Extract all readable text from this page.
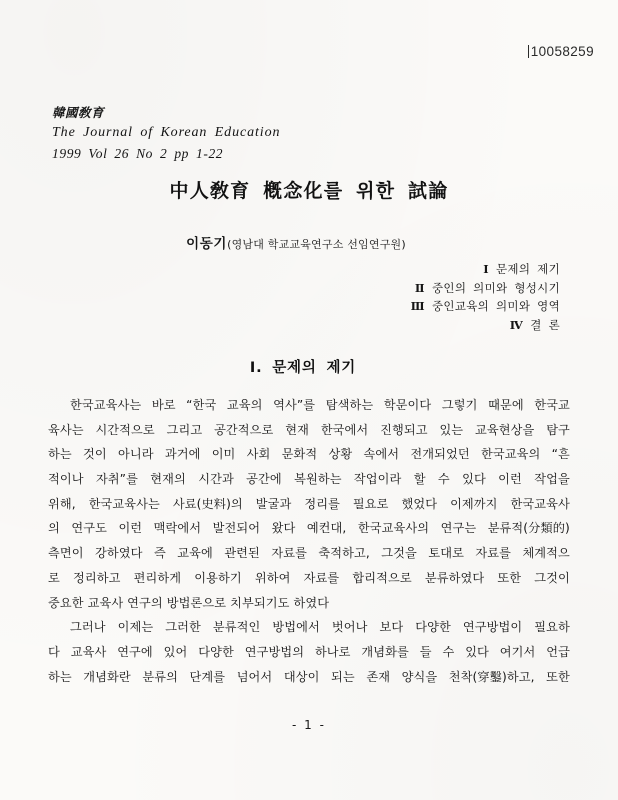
10058259
韓國敎育
The Journal of Korean Education
1999 Vol 26 No 2 pp 1-22
中人敎育 槪念化를 위한 試論
이동기(영남대 학교교육연구소 선임연구원)
Ⅰ 문제의 제기
Ⅱ 중인의 의미와 형성시기
Ⅲ 중인교육의 의미와 영역
Ⅳ 결 론
Ⅰ. 문제의 제기
한국교육사는 바로 “한국 교육의 역사”를 탐색하는 학문이다 그렇기 때문에 한국교
육사는 시간적으로 그리고 공간적으로 현재 한국에서 진행되고 있는 교육현상을 탐구
하는 것이 아니라 과거에 이미 사회 문화적 상황 속에서 전개되었던 한국교육의 “흔
적이나 자취”를 현재의 시간과 공간에 복원하는 작업이라 할 수 있다 이런 작업을
위해, 한국교육사는 사료(史料)의 발굴과 정리를 필요로 했었다 이제까지 한국교육사
의 연구도 이런 맥락에서 발전되어 왔다 예컨대, 한국교육사의 연구는 분류적(分類的)
측면이 강하였다 즉 교육에 관련된 자료를 축적하고, 그것을 토대로 자료를 체계적으
로 정리하고 편리하게 이용하기 위하여 자료를 합리적으로 분류하였다 또한 그것이
중요한 교육사 연구의 방법론으로 치부되기도 하였다
그러나 이제는 그러한 분류적인 방법에서 벗어나 보다 다양한 연구방법이 필요하
다 교육사 연구에 있어 다양한 연구방법의 하나로 개념화를 들 수 있다 여기서 언급
하는 개념화란 분류의 단계를 넘어서 대상이 되는 존재 양식을 천착(穿鑿)하고, 또한
- 1 -
